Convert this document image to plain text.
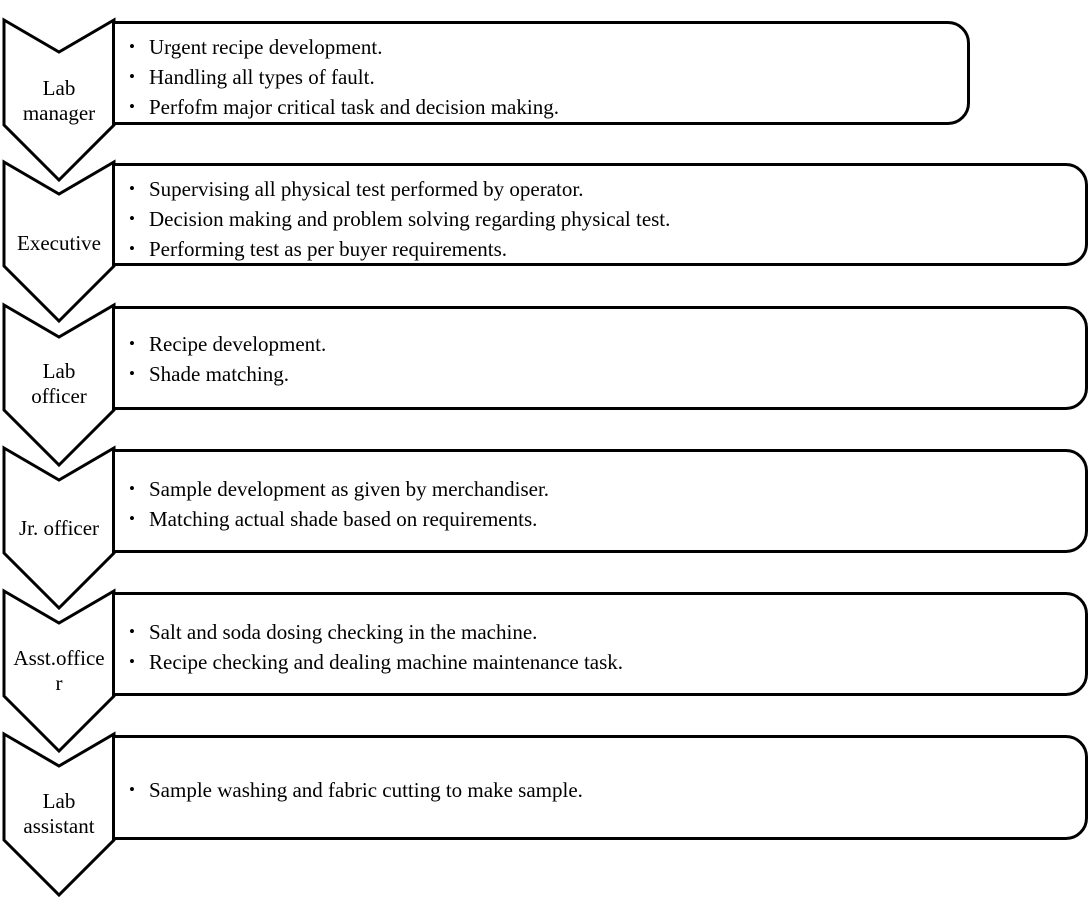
Lab
manager
• Urgent recipe development.
• Handling all types of fault.
• Perfofm major critical task and decision making.
Executive
• Supervising all physical test performed by operator.
• Decision making and problem solving regarding physical test.
• Performing test as per buyer requirements.
Lab
officer
• Recipe development.
• Shade matching.
Jr. officer
• Sample development as given by merchandiser.
• Matching actual shade based on requirements.
Asst.office
r
• Salt and soda dosing checking in the machine.
• Recipe checking and dealing machine maintenance task.
Lab
assistant
• Sample washing and fabric cutting to make sample.
